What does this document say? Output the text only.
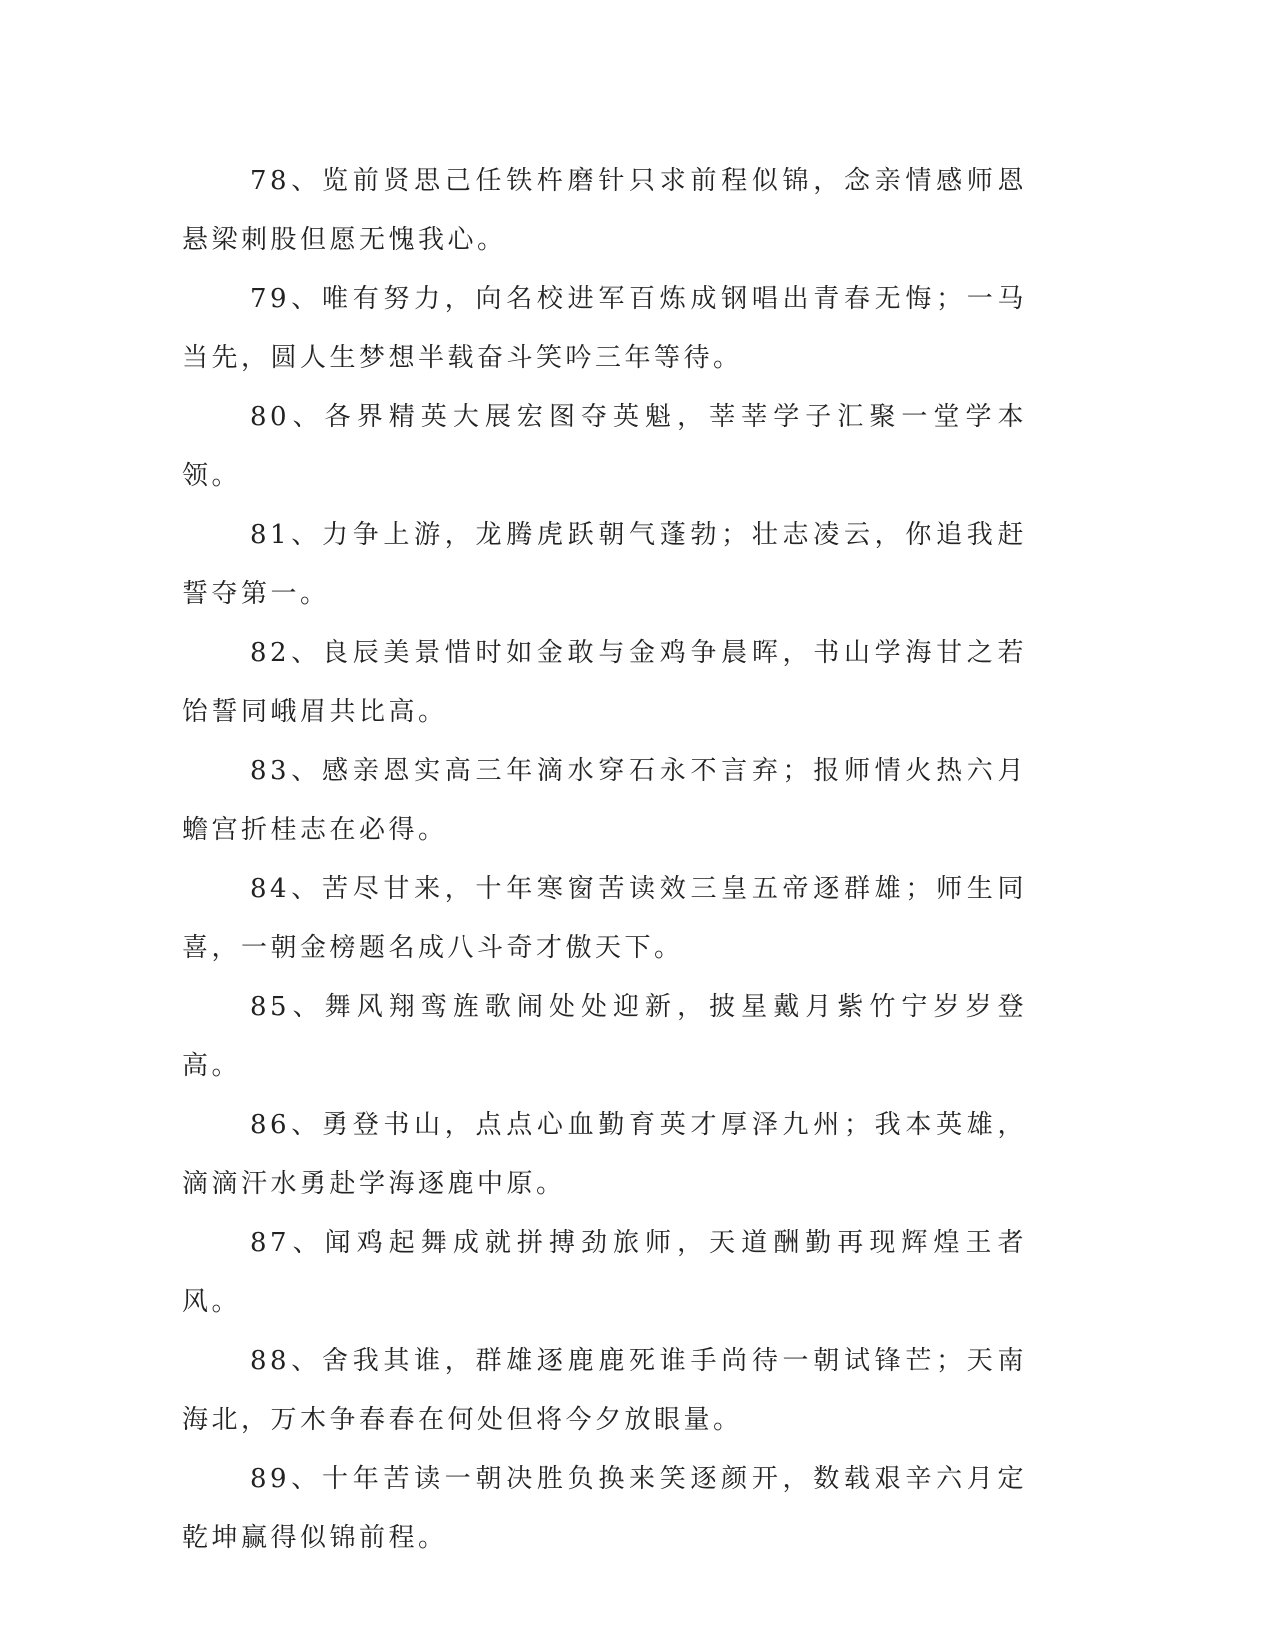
78、览前贤思己任铁杵磨针只求前程似锦，念亲情感师恩悬梁刺股但愿无愧我心。

79、唯有努力，向名校进军百炼成钢唱出青春无悔；一马当先，圆人生梦想半载奋斗笑吟三年等待。

80、各界精英大展宏图夺英魁，莘莘学子汇聚一堂学本领。

81、力争上游，龙腾虎跃朝气蓬勃；壮志凌云，你追我赶誓夺第一。

82、良辰美景惜时如金敢与金鸡争晨晖，书山学海甘之若饴誓同峨眉共比高。

83、感亲恩实高三年滴水穿石永不言弃；报师情火热六月蟾宫折桂志在必得。

84、苦尽甘来，十年寒窗苦读效三皇五帝逐群雄；师生同喜，一朝金榜题名成八斗奇才傲天下。

85、舞风翔鸾旌歌闹处处迎新，披星戴月紫竹宁岁岁登高。

86、勇登书山，点点心血勤育英才厚泽九州；我本英雄，滴滴汗水勇赴学海逐鹿中原。

87、闻鸡起舞成就拼搏劲旅师，天道酬勤再现辉煌王者风。

88、舍我其谁，群雄逐鹿鹿死谁手尚待一朝试锋芒；天南海北，万木争春春在何处但将今夕放眼量。

89、十年苦读一朝决胜负换来笑逐颜开，数载艰辛六月定乾坤赢得似锦前程。
